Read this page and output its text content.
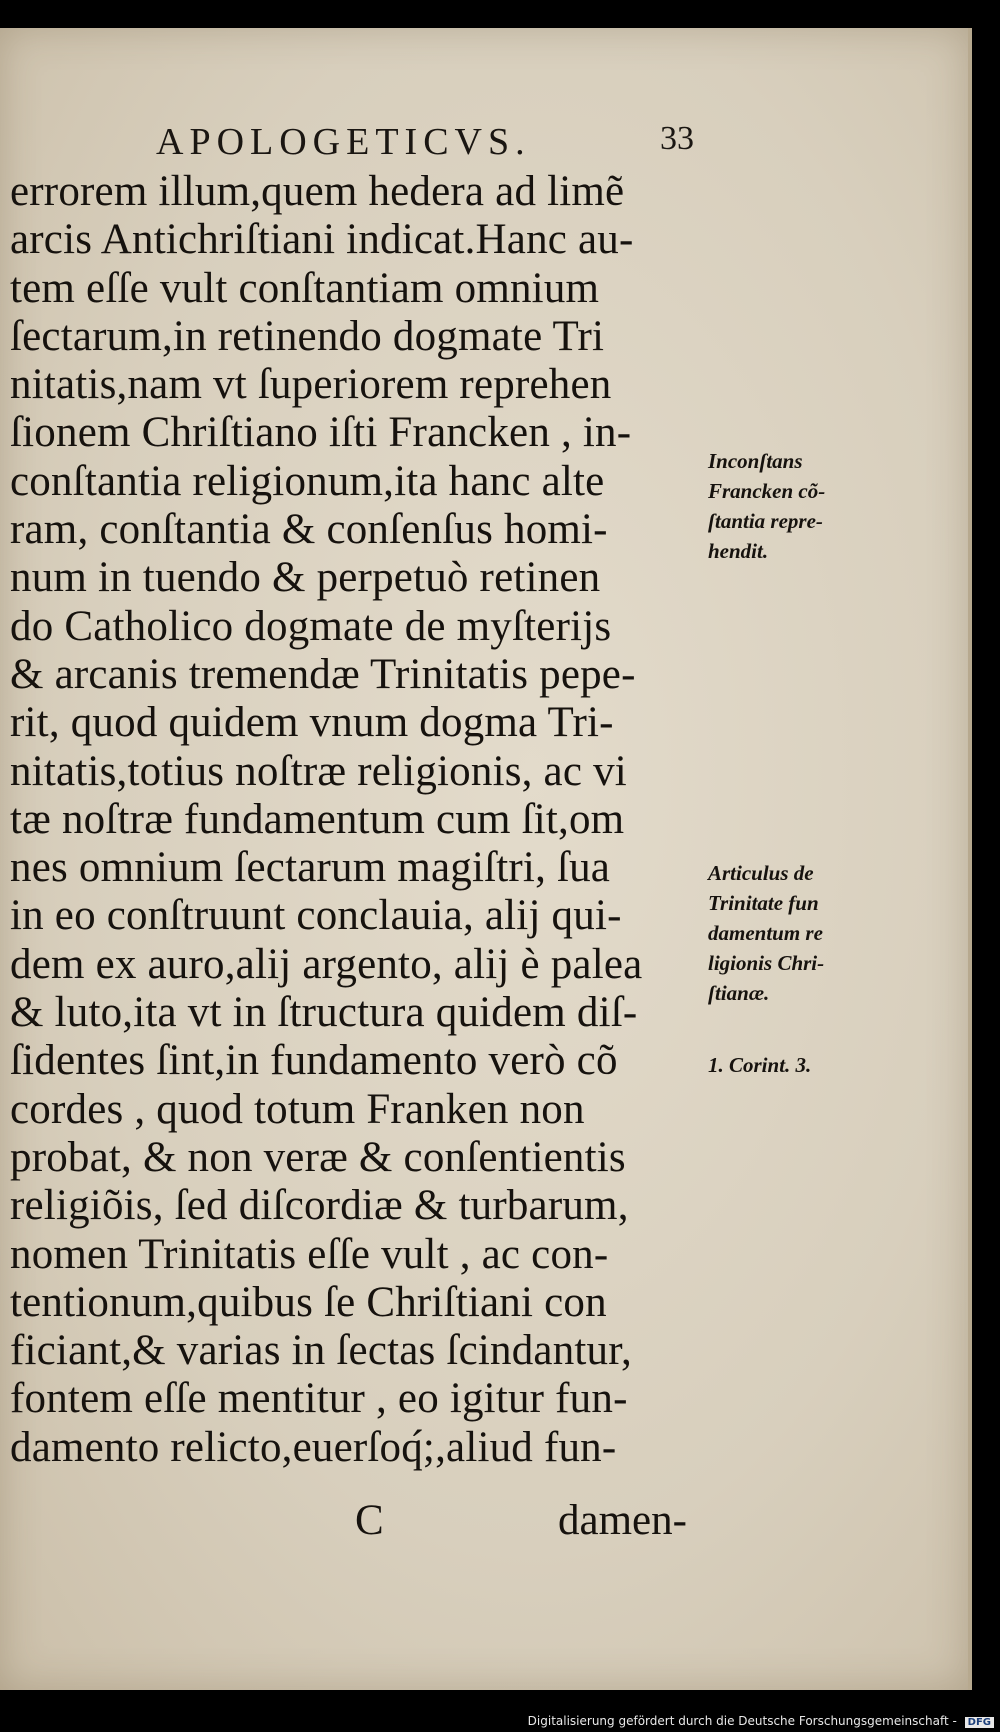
APOLOGETICVS.	33
errorem illum,quem hedera ad limẽ
arcis Antichriſtiani indicat.Hanc au-
tem eſſe vult conſtantiam omnium
ſectarum,in retinendo dogmate Tri
nitatis,nam vt ſuperiorem reprehen
ſionem Chriſtiano iſti Francken , in-
conſtantia religionum,ita hanc alte
ram, conſtantia & conſenſus homi-
num in tuendo & perpetuò retinen
do Catholico dogmate de myſterijs
& arcanis tremendæ Trinitatis pepe-
rit, quod quidem vnum dogma Tri-
nitatis,totius noſtræ religionis, ac vi
tæ noſtræ fundamentum cum ſit,om
nes omnium ſectarum magiſtri, ſua
in eo conſtruunt conclauia, alij qui-
dem ex auro,alij argento, alij è palea
& luto,ita vt in ſtructura quidem diſ-
ſidentes ſint,in fundamento verò cõ
cordes , quod totum Franken non
probat, & non veræ & conſentientis
religiõis, ſed diſcordiæ & turbarum,
nomen Trinitatis eſſe vult , ac con-
tentionum,quibus ſe Chriſtiani con
ficiant,& varias in ſectas ſcindantur,
fontem eſſe mentitur , eo igitur fun-
damento relicto,euerſoq́;,aliud fun-
C	damen-
Inconſtans
Francken cõ-
ſtantia repre-
hendit.
Articulus de
Trinitate fun
damentum re
ligionis Chri-
ſtianæ.
1. Corint. 3.
Digitalisierung gefördert durch die Deutsche Forschungsgemeinschaft - DFG
